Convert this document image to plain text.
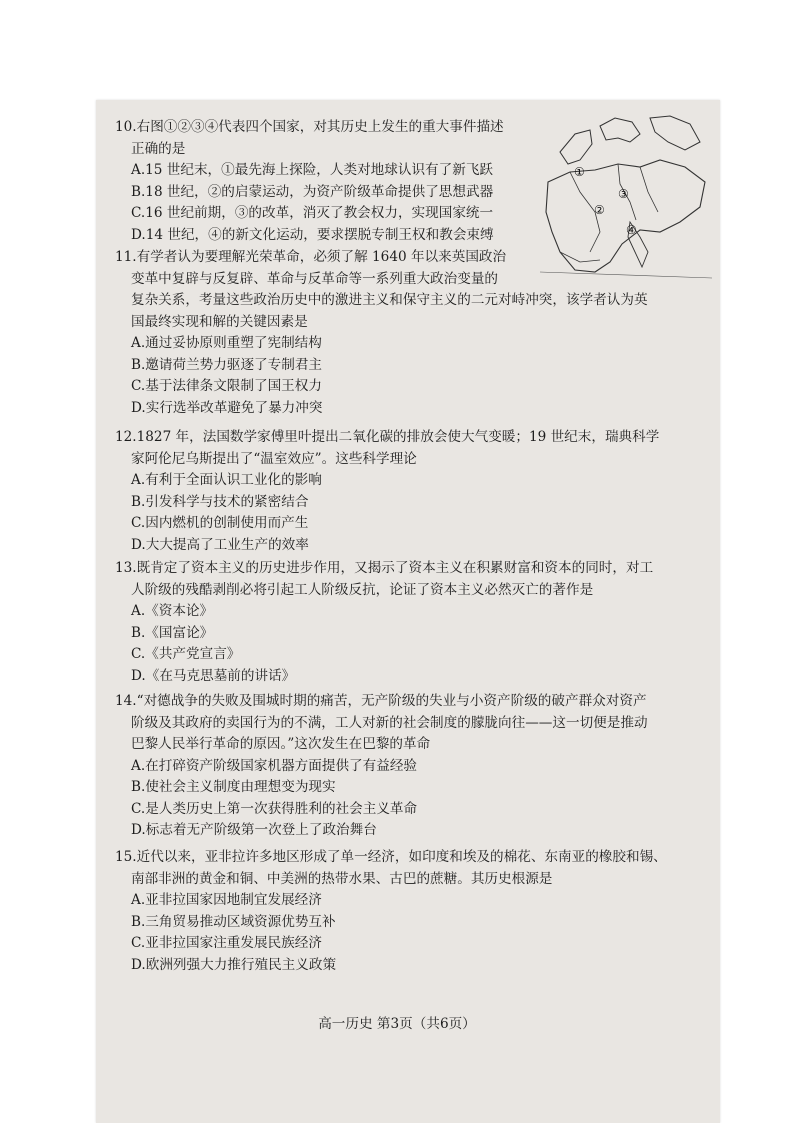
10.右图①②③④代表四个国家，对其历史上发生的重大事件描述
正确的是
A.15 世纪末，①最先海上探险，人类对地球认识有了新飞跃
B.18 世纪，②的启蒙运动，为资产阶级革命提供了思想武器
C.16 世纪前期，③的改革，消灭了教会权力，实现国家统一
D.14 世纪，④的新文化运动，要求摆脱专制王权和教会束缚
①
②
③
④
11.有学者认为要理解光荣革命，必须了解 1640 年以来英国政治
变革中复辟与反复辟、革命与反革命等一系列重大政治变量的
复杂关系，考量这些政治历史中的激进主义和保守主义的二元对峙冲突，该学者认为英
国最终实现和解的关键因素是
A.通过妥协原则重塑了宪制结构
B.邀请荷兰势力驱逐了专制君主
C.基于法律条文限制了国王权力
D.实行选举改革避免了暴力冲突
12.1827 年，法国数学家傅里叶提出二氧化碳的排放会使大气变暖；19 世纪末，瑞典科学
家阿伦尼乌斯提出了“温室效应”。这些科学理论
A.有利于全面认识工业化的影响
B.引发科学与技术的紧密结合
C.因内燃机的创制使用而产生
D.大大提高了工业生产的效率
13.既肯定了资本主义的历史进步作用，又揭示了资本主义在积累财富和资本的同时，对工
人阶级的残酷剥削必将引起工人阶级反抗，论证了资本主义必然灭亡的著作是
A.《资本论》
B.《国富论》
C.《共产党宣言》
D.《在马克思墓前的讲话》
14.“对德战争的失败及围城时期的痛苦，无产阶级的失业与小资产阶级的破产群众对资产
阶级及其政府的卖国行为的不满，工人对新的社会制度的朦胧向往——这一切便是推动
巴黎人民举行革命的原因。”这次发生在巴黎的革命
A.在打碎资产阶级国家机器方面提供了有益经验
B.使社会主义制度由理想变为现实
C.是人类历史上第一次获得胜利的社会主义革命
D.标志着无产阶级第一次登上了政治舞台
15.近代以来，亚非拉许多地区形成了单一经济，如印度和埃及的棉花、东南亚的橡胶和锡、
南部非洲的黄金和铜、中美洲的热带水果、古巴的蔗糖。其历史根源是
A.亚非拉国家因地制宜发展经济
B.三角贸易推动区域资源优势互补
C.亚非拉国家注重发展民族经济
D.欧洲列强大力推行殖民主义政策
高一历史 第3页（共6页）
